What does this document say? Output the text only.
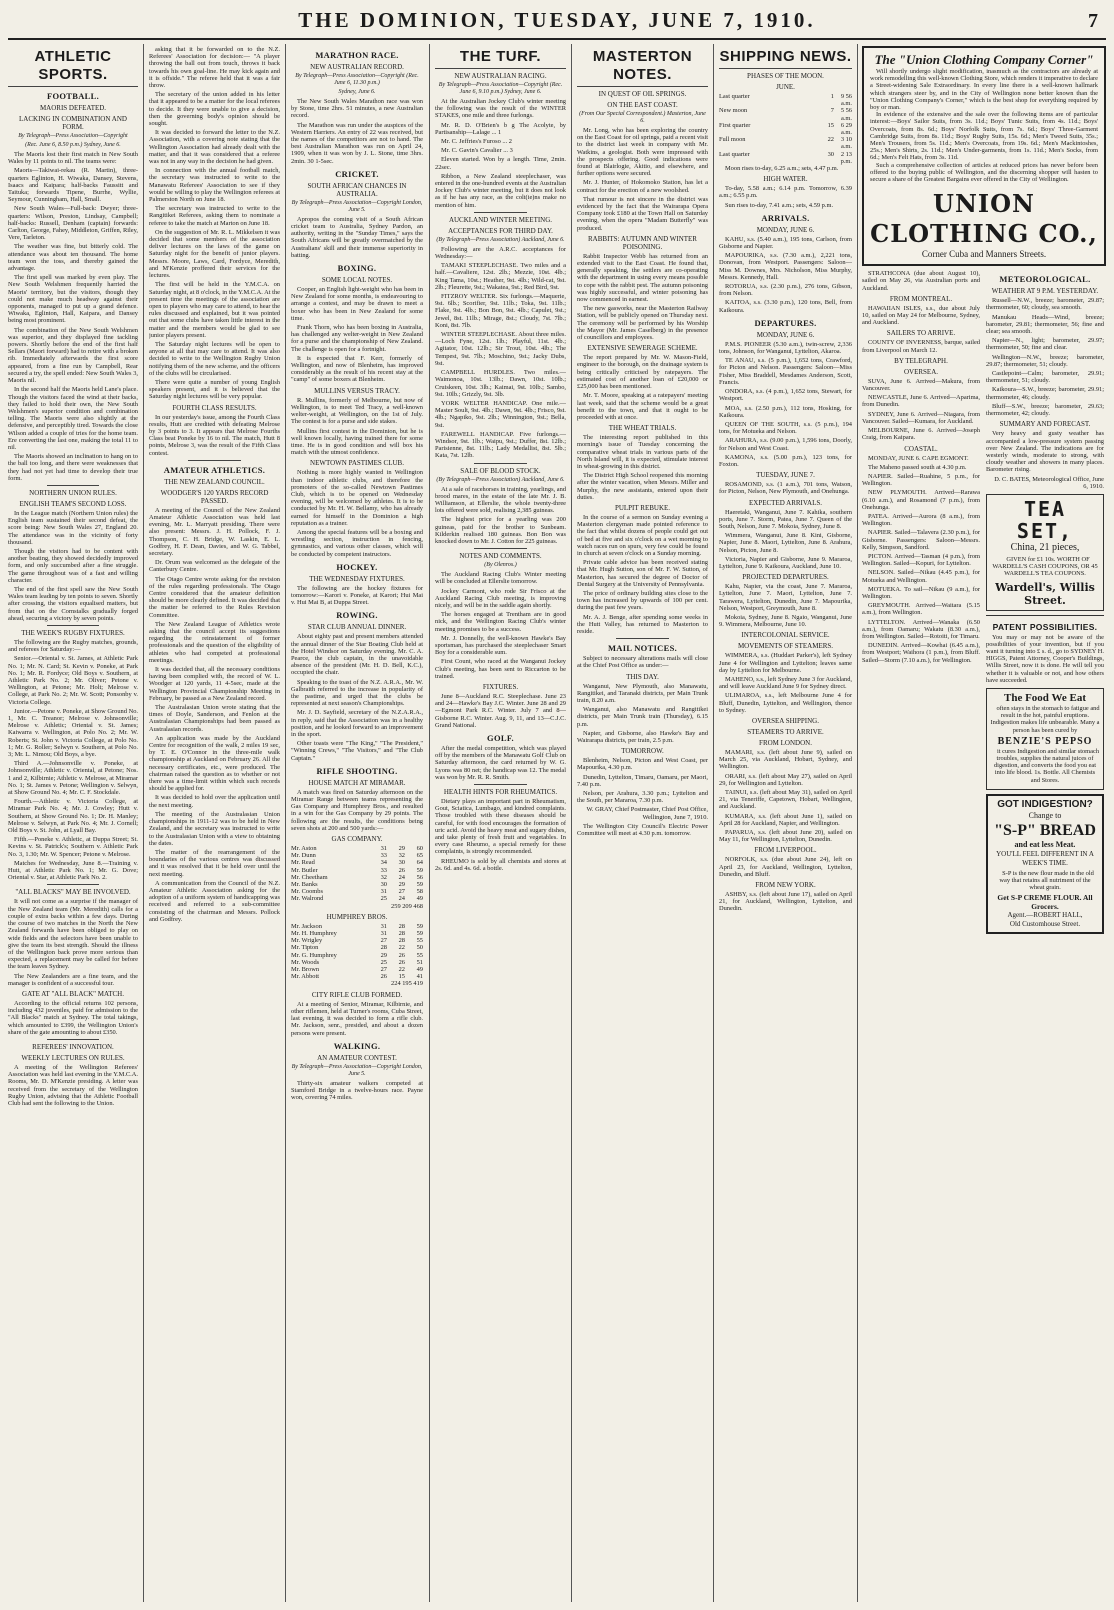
THE DOMINION, TUESDAY, JUNE 7, 1910.	7
ATHLETIC SPORTS.
FOOTBALL.
MAORIS DEFEATED.
LACKING IN COMBINATION AND FORM.
By Telegraph—Press Association—Copyright
(Rec. June 6, 8.50 p.m.) Sydney, June 6.

The Maoris lost their first match in New South Wales by 11 points to nil. The teams were:

Maoris—Takiwai-rekau (R. Martin), three-quarters Eglinton, H. Wiwaka, Dansey, Stevens, Isaacs and Kaipara; half-backs Faussitt and Taituka; forwards Tipene, Burrhe, Wyllie, Seymour, Cunningham, Hall, Small.

New South Wales—Full-back: Dwyer; three-quarters: Wilson, Preston, Lindsay, Campbell; half-backs: Russell, Denham (captain) forwards: Carlton, George, Fahey, Middleton, Griffen, Riley, Vere, Tarleton.

The weather was fine, but bitterly cold. The attendance was about ten thousand. The home team won the toss, and thereby gained the advantage.

The first spell was marked by even play. The New South Welshmen frequently harried the Maoris' territory, but the visitors, though they could not make much headway against their opponents, managed to put up a grand defence. Wiwaka, Eglinton, Hall, Kaipara, and Dansey being most prominent.

The combination of the New South Welshmen was superior, and they displayed fine tackling powers. Shortly before the end of the first half Sellars (Maori forward) had to retire with a broken rib. Immediately afterwards the first score appeared, from a fine run by Campbell, Rear secured a try, the spell ended: New South Wales 3, Maoris nil.

In the second half the Maoris held Lane's place. Though the visitors faced the wind at their backs, they failed to hold their own, the New South Welshmen's superior condition and combination telling. The Maoris were also slightly at the defensive, and perceptibly tired. Towards the close Wilson added a couple of tries for the home team. Ere converting the last one, making the total 11 to nil.

The Maoris showed an inclination to hang on to the ball too long, and there were weaknesses that they had not yet had time to develop their true form.

NORTHERN UNION RULES.
ENGLISH TEAM'S SECOND LOSS.

In the League match (Northern Union rules) the English team sustained their second defeat, the score being: New South Wales 27, England 20. The attendance was in the vicinity of forty thousand.

Though the visitors had to be content with another beating, they showed decidedly improved form, and only succumbed after a fine struggle. The game throughout was of a fast and willing character.

The end of the first spell saw the New South Wales team leading by ten points to seven. Shortly after crossing, the visitors equalised matters, but from that on the Cornstalks gradually forged ahead, securing a victory by seven points.

THE WEEK'S RUGBY FIXTURES.

The following are the Rugby matches, grounds, and referees for Saturday:—

Senior.—Oriental v. St. James, at Athletic Park No. 1; Mr. N. Card; St. Kevin v. Poneke, at Park No. 1; Mr. R. Fordyce; Old Boys v. Southern, at Athletic Park No. 2; Mr. Oliver; Petone v. Wellington, at Petone; Mr. Holt; Melrose v. College, at Park No. 2; Mr. W. Scott; Ponsonby v. Victoria College.

Junior.—Petone v. Poneke, at Show Ground No. 1, Mr. C. Treanor; Melrose v. Johnsonville; Melrose v. Athletic; Oriental v. St. James; Kaiwarra v. Wellington, at Polo No. 2; Mr. W. Roberts; St. John v. Victoria College, at Polo No. 1; Mr. G. Roller; Selwyn v. Southern, at Polo No. 3; Mr. L. Nimou; Old Boys, a bye.

Third A.—Johnsonville v. Poneke, at Johnsonville; Athletic v. Oriental, at Petone; Nos. 1 and 2, Kilbirnie; Athletic v. Melrose, at Miramar No. 1; St. James v. Petone; Wellington v. Selwyn, at Show Ground No. 4; Mr. C. F. Stockdale.

Fourth.—Athletic v. Victoria College, at Miramar Park No. 4; Mr. J. Cowley; Hutt v. Southern, at Show Ground No. 1; Dr. H. Manley; Melrose v. Selwyn, at Park No. 4; Mr. J. Cornell; Old Boys v. St. John, at Lyall Bay.

Fifth.—Poneke v. Athletic, at Duppa Street; St. Kevins v. St. Patrick's; Southern v. Athletic Park No. 3, 1.30; Mr. W. Spencer; Petone v. Melrose.

Matches for Wednesday, June 8.—Training v. Hutt, at Athletic Park No. 1; Mr. G. Dove; Oriental v. Star, at Athletic Park No. 2.

"ALL BLACKS" MAY BE INVOLVED.

It will not come as a surprise if the manager of the New Zealand team (Mr. Meredith) calls for a couple of extra backs within a few days. During the course of two matches in the North the New Zealand forwards have been obliged to play on wide fields and the selectors have been unable to give the team its best strength. Should the illness of the Wellington back prove more serious than expected, a replacement may be called for before the team leaves Sydney.

The New Zealanders are a fine team, and the manager is confident of a successful tour.

GATE AT "ALL BLACK" MATCH.

According to the official returns 102 persons, including 432 juveniles, paid for admission to the "All Blacks" match at Sydney. The total takings, which amounted to £399, the Wellington Union's share of the gate amounting to about £350.

REFEREES' INNOVATION.
WEEKLY LECTURES ON RULES.

A meeting of the Wellington Referees' Association was held last evening in the Y.M.C.A. Rooms, Mr. D. M'Kenzie presiding. A letter was received from the secretary of the Wellington Rugby Union, advising that the Athletic Football Club had sent the following to the Union.

asking that it be forwarded on to the N.Z. Referees' Association for decision:— "A player throwing the ball out from touch, throws it back towards his own goal-line. He may kick again and it is offside." The referee held that it was a fair throw.

The secretary of the union added in his letter that it appeared to be a matter for the local referees to decide. It they were unable to give a decision, then the governing body's opinion should be sought.

It was decided to forward the letter to the N.Z. Association, with a covering note stating that the Wellington Association had already dealt with the matter, and that it was considered that a referee was not in any way in the decision he had given.

In connection with the annual football match, the secretary was instructed to write to the Manawatu Referees' Association to see if they would be willing to play the Wellington referees at Palmerston North on June 18.

The secretary was instructed to write to the Rangitikei Referees, asking them to nominate a referee to take the match at Marton on June 18.

On the suggestion of Mr. R. L. Mikkelsen it was decided that some members of the association deliver lectures on the laws of the game on Saturday night for the benefit of junior players. Messrs. Moore, Laws, Card, Fordyce, Meredith, and M'Kenzie proffered their services for the lectures.

The first will be held in the Y.M.C.A. on Saturday night, at 8 o'clock, in the Y.M.C.A. At the present time the meetings of the association are open to players who may care to attend, to hear the rules discussed and explained, but it was pointed out that some clubs have taken little interest in the matter and the members would be glad to see junior players present.

The Saturday night lectures will be open to anyone at all that may care to attend. It was also decided to write to the Wellington Rugby Union notifying them of the new scheme, and the officers of the clubs will be circularised.

There were quite a number of young English speakers present, and it is believed that the Saturday night lectures will be very popular.

FOURTH CLASS RESULTS.

In our yesterday's issue, among the Fourth Class results, Hutt are credited with defeating Melrose by 3 points to 3. It appears that Melrose Fourths Class beat Poneke by 16 to nil. The match, Hutt 8 points, Melrose 3, was the result of the Fifth Class contest.

AMATEUR ATHLETICS.
THE NEW ZEALAND COUNCIL.
WOODGER'S 120 YARDS RECORD PASSED.

A meeting of the Council of the New Zealand Amateur Athletic Association was held last evening, Mr. L. Marryatt presiding. There were also present: Messrs. J. H. Pollock, F. J. Thompson, C. H. Bridge, W. Laskin, E. L. Godfrey, H. F. Dean, Davies, and W. G. Tabbel, secretary.

Dr. Orum was welcomed as the delegate of the Canterbury Centre.

The Otago Centre wrote asking for the revision of the rules regarding professionals. The Otago Centre considered that the amateur definition should be more clearly defined. It was decided that the matter be referred to the Rules Revision Committee.

The New Zealand League of Athletics wrote asking that the council accept its suggestions regarding the reinstatement of former professionals and the question of the eligibility of athletes who had competed at professional meetings.

It was decided that, all the necessary conditions having been complied with, the record of W. L. Woodger at 120 yards, 11 4-5sec, made at the Wellington Provincial Championship Meeting in February, be passed as a New Zealand record.

The Australasian Union wrote stating that the times of Doyle, Sanderson, and Fenlon at the Australasian Championships had been passed as Australasian records.

An application was made by the Auckland Centre for recognition of the walk, 2 miles 19 sec, by T. E. O'Connor in the three-mile walk championship at Auckland on February 26. All the necessary certificates, etc., were produced. The chairman raised the question as to whether or not there was a time-limit within which such records should be applied for.

It was decided to hold over the application until the next meeting.

The meeting of the Australasian Union championships in 1911-12 was to be held in New Zealand, and the secretary was instructed to write to the Australasian Union with a view to obtaining the dates.

The matter of the rearrangement of the boundaries of the various centres was discussed and it was resolved that it be held over until the next meeting.

A communication from the Council of the N.Z. Amateur Athletic Association asking for the adoption of a uniform system of handicapping was received and referred to a sub-committee consisting of the chairman and Messrs. Pollock and Godfrey.

MARATHON RACE.
NEW AUSTRALIAN RECORD.
By Telegraph—Press Association—Copyright (Rec. June 6, 11.30 p.m.)
Sydney, June 6.

The New South Wales Marathon race was won by Stone, time 2hrs. 51 minutes, a new Australian record.

The Marathon was run under the auspices of the Western Harriers. An entry of 22 was received, but the names of the competitors are not to hand. The best Australian Marathon was run on April 24, 1909, when it was won by J. L. Stone, time 3hrs. 2min. 30 1-5sec.

CRICKET.
SOUTH AFRICAN CHANCES IN AUSTRALIA.
By Telegraph—Press Association—Copyright London, June 5.

Apropos the coming visit of a South African cricket team to Australia, Sydney Pardon, an authority, writing in the "Sunday Times," says the South Africans will be greatly overmatched by the Australians' skill and their immense superiority in batting.

BOXING.
SOME LOCAL NOTES.

Cooper, an English light-weight who has been in New Zealand for some months, is endeavouring to arrange a contest, and may be drawn to meet a boxer who has been in New Zealand for some time.

Frank Thorn, who has been boxing in Australia, has challenged any welter-weight in New Zealand for a purse and the championship of New Zealand. The challenge is open for a fortnight.

It is expected that F. Kerr, formerly of Wellington, and now of Blenheim, has improved considerably as the result of his recent stay at the "camp" of some boxers at Blenheim.

MULLINS VERSUS TRACY.

R. Mullins, formerly of Melbourne, but now of Wellington, is to meet Ted Tracy, a well-known welter-weight, at Wellington, on the 1st of July. The contest is for a purse and side stakes.

Mullins first contest in the Dominion, but he is well known locally, having trained there for some time. He is in good condition and will box his match with the utmost confidence.

NEWTOWN PASTIMES CLUB.

Nothing is more highly wanted in Wellington than indoor athletic clubs, and therefore the promoters of the so-called Newtown Pastimes Club, which is to be opened on Wednesday evening, will be welcomed by athletes. It is to be conducted by Mr. H. W. Bellamy, who has already earned for himself in the Dominion a high reputation as a trainer.

Among the special features will be a boxing and wrestling section, instruction in fencing, gymnastics, and various other classes, which will be conducted by competent instructors.

HOCKEY.
THE WEDNESDAY FIXTURES.

The following are the hockey fixtures for tomorrow:—Karori v. Poneke, at Karori; Hui Mai v. Hui Mai B, at Duppa Street.

ROWING.
STAR CLUB ANNUAL DINNER.

About eighty past and present members attended the annual dinner of the Star Boating Club held at the Hotel Windsor on Saturday evening. Mr. C. A. Pearce, the club captain, in the unavoidable absence of the president (Mr. H. D. Bell, K.C.), occupied the chair.

Speaking to the toast of the N.Z. A.R.A., Mr. W. Galbraith referred to the increase in popularity of the pastime, and urged that the clubs be represented at next season's Championships.

Mr. J. D. Sayfield, secretary of the N.Z.A.R.A., in reply, said that the Association was in a healthy position, and he looked forward to an improvement in the sport.

Other toasts were "The King," "The President," "Winning Crews," "The Visitors," and "The Club Captain."

RIFLE SHOOTING.
HOUSE MATCH AT MIRAMAR.

A match was fired on Saturday afternoon on the Miramar Range between teams representing the Gas Company and Humphrey Bros., and resulted in a win for the Gas Company by 29 points. The following are the results, the conditions being seven shots at 200 and 500 yards:—

GAS COMPANY.
Mr. Aston	31	29	60
Mr. Dunn	33	32	65
Mr. Read	34	30	64
Mr. Butler	33	26	59
Mr. Cheetham	32	24	56
Mr. Banks	30	29	59
Mr. Coombs	31	27	58
Mr. Walrond	25	24	49
259 209 468
HUMPHREY BROS.
Mr. Jackson	31	28	59
Mr. H. Humphrey	31	28	59
Mr. Wrigley	27	28	55
Mr. Tipton	28	22	50
Mr. G. Humphrey	29	26	55
Mr. Woods	25	26	51
Mr. Brown	27	22	49
Mr. Abbott	26	15	41
224 195 419
CITY RIFLE CLUB FORMED.

At a meeting of Senior, Miramar, Kilbirnie, and other riflemen, held at Turner's rooms, Cuba Street, last evening, it was decided to form a rifle club. Mr. Jackson, senr., presided, and about a dozen persons were present.

WALKING.
AN AMATEUR CONTEST.
By Telegraph—Press Association—Copyright London, June 5.

Thirty-six amateur walkers competed at Stamford Bridge in a twelve-hours race. Payne won, covering 74 miles.

THE TURF.
NEW AUSTRALIAN RACING.
By Telegraph—Press Association—Copyright (Rec. June 6, 9.10 p.m.) Sydney, June 6.

At the Australian Jockey Club's winter meeting the following was the result of the WINTER STAKES, one mile and three furlongs.

Mr. R. D. O'Brien's b g The Acolyte, by Partisanship—Lalage ... 1

Mr. C. Jeffries's Furoso ... 2

Mr. C. Gavin's Cavalier ... 3

Eleven started. Won by a length. Time, 2min. 22sec.

Ribbon, a New Zealand steeplechaser, was entered in the one-hundred events at the Australian Jockey Club's winter meeting, but it does not look as if he has any race, as the colt(ie)ns make no mention of him.

AUCKLAND WINTER MEETING.
ACCEPTANCES FOR THIRD DAY.
(By Telegraph—Press Association) Auckland, June 6.

Following are the A.R.C. acceptances for Wednesday:—

TAMAKI STEEPLECHASE. Two miles and a half.—Cavaliere, 12st. 2lb.; Mezzie, 10st. 4lb.; King Tama, 10st.; Heather, 9st. 4lb.; Wild-cat, 9st. 2lb.; Fleurette, 9st.; Wakatea, 9st.; Red Bird, 9st.

FITZROY WELTER. Six furlongs.—Maquerie, 9st. 6lb.; Scorifier, 9st. 11lb.; Toka, 9st. 11lb.; Flake, 9st. 4lb.; Bon Bon, 9st. 4lb.; Capulet, 9st.; Jewel, 8st. 11lb.; Mirage, 8st.; Cloudy, 7st. 7lb.; Koni, 8st. 7lb.

WINTER STEEPLECHASE. About three miles.—Loch Fyne, 12st. 1lb.; Playful, 11st. 4lb.; Agitator, 10st. 12lb.; Sir Trout, 10st. 4lb.; The Tempest, 9st. 7lb.; Moschino, 9st.; Jacky Dubs, 9st.

CAMPBELL HURDLES. Two miles.—Waimonoa, 10st. 13lb.; Dawn, 10st. 10lb.; Cruiskeen, 10st. 3lb.; Kaimai, 9st. 10lb.; Sambo, 9st. 10lb.; Grizzly, 9st. 3lb.

YORK WELTER HANDICAP. One mile.—Master Soult, 9st. 4lb.; Dawn, 9st. 4lb.; Frisco, 9st. 4lb.; Ngapiko, 9st. 2lb.; Winnington, 9st.; Bella, 9st.

FAREWELL HANDICAP. Five furlongs.—Windsor, 9st. 1lb.; Waipu, 9st.; Duffer, 8st. 12lb.; Parisienne, 8st. 11lb.; Lady Medallist, 8st. 5lb.; Kata, 7st. 12lb.

SALE OF BLOOD STOCK.
(By Telegraph—Press Association) Auckland, June 6.

At a sale of racehorses in training, yearlings, and brood mares, in the estate of the late Mr. J. B. Williamson, at Ellerslie, the whole twenty-three lots offered were sold, realising 2,385 guineas.

The highest price for a yearling was 200 guineas, paid for the brother to Sunbeam. Kilderkin realised 180 guineas. Bon Bon was knocked down to Mr. J. Cotton for 225 guineas.

NOTES AND COMMENTS.
(By Olenros.)

The Auckland Racing Club's Winter meeting will be concluded at Ellerslie tomorrow.

Jockey Carmont, who rode Sir Frisco at the Auckland Racing Club meeting, is improving nicely, and will be in the saddle again shortly.

The horses engaged at Trentham are in good nick, and the Wellington Racing Club's winter meeting promises to be a success.

Mr. J. Donnelly, the well-known Hawke's Bay sportsman, has purchased the steeplechaser Smart Boy for a considerable sum.

First Count, who raced at the Wanganui Jockey Club's meeting, has been sent to Riccarton to be trained.

FIXTURES.

June 8—Auckland R.C. Steeplechase. June 23 and 24—Hawke's Bay J.C. Winter. June 28 and 29—Egmont Park R.C. Winter. July 7 and 8—Gisborne R.C. Winter. Aug. 9, 11, and 13—C.J.C. Grand National.

GOLF.

After the medal competition, which was played off by the members of the Manawatu Golf Club on Saturday afternoon, the card returned by W. G. Lyons was 80 net; the handicap was 12. The medal was won by Mr. R. R. Smith.

HEALTH HINTS FOR RHEUMATICS.

Dietary plays an important part in Rheumatism, Gout, Sciatica, Lumbago, and kindred complaints. Those troubled with these diseases should be careful, for with food encourages the formation of uric acid. Avoid the heavy meat and sugary dishes, and take plenty of fresh fruit and vegetables. In every case Rheumo, a special remedy for these complaints, is strongly recommended.

RHEUMO is sold by all chemists and stores at 2s. 6d. and 4s. 6d. a bottle.

MASTERTON NOTES.
IN QUEST OF OIL SPRINGS.
ON THE EAST COAST.
(From Our Special Correspondent.) Masterton, June 6.

Mr. Long, who has been exploring the country on the East Coast for oil springs, paid a recent visit to the district last week in company with Mr. Watkins, a geologist. Both were impressed with the prospects offering. Good indications were found at Blairlogie, Akitio, and elsewhere, and further options were secured.

Mr. J. Hunter, of Hokomoko Station, has let a contract for the erection of a new woolshed.

That rumour is not sincere in the district was evidenced by the fact that the Wairarapa Opera Company took £180 at the Town Hall on Saturday evening, when the opera "Madam Butterfly" was produced.

RABBITS: AUTUMN AND WINTER POISONING.

Rabbit Inspector Webb has returned from an extended visit to the East Coast. He found that, generally speaking, the settlers are co-operating with the department in using every means possible to cope with the rabbit pest. The autumn poisoning was highly successful, and winter poisoning has now commenced in earnest.

The new gasworks, near the Masterton Railway Station, will be publicly opened on Thursday next. The ceremony will be performed by his Worship the Mayor (Mr. James Caselberg) in the presence of councillors and employees.

EXTENSIVE SEWERAGE SCHEME.

The report prepared by Mr. W. Mason-Field, engineer to the borough, on the drainage system is being critically criticised by ratepayers. The estimated cost of another loan of £20,000 or £25,000 has been mentioned.

Mr. T. Moore, speaking at a ratepayers' meeting last week, said that the scheme would be a great benefit to the town, and that it ought to be proceeded with at once.

THE WHEAT TRIALS.

The interesting report published in this morning's issue of Tuesday concerning the comparative wheat trials in various parts of the North Island will, it is expected, stimulate interest in wheat-growing in this district.

The District High School reopened this morning after the winter vacation, when Messrs. Miller and Murphy, the new assistants, entered upon their duties.

PULPIT REBUKE.

In the course of a sermon on Sunday evening a Masterton clergyman made pointed reference to the fact that whilst dozens of people could get out of bed at five and six o'clock on a wet morning to watch races run on spurs, very few could be found in church at seven o'clock on a Sunday morning.

Private cable advice has been received stating that Mr. Hugh Sutton, son of Mr. F. W. Sutton, of Masterton, has secured the degree of Doctor of Dental Surgery at the University of Pennsylvania.

The price of ordinary building sites close to the town has increased by upwards of 100 per cent. during the past few years.

Mr. A. J. Benge, after spending some weeks in the Hutt Valley, has returned to Masterton to reside.

MAIL NOTICES.

Subject to necessary alterations mails will close at the Chief Post Office as under:—

THIS DAY.

Wanganui, New Plymouth, also Manawatu, Rangitikei, and Taranaki districts, per Main Trunk train, 8.20 a.m.

Wanganui, also Manawatu and Rangitikei districts, per Main Trunk train (Thursday), 6.15 p.m.

Napier, and Gisborne, also Hawke's Bay and Wairarapa districts, per train, 2.5 p.m.

TOMORROW.

Blenheim, Nelson, Picton and West Coast, per Mapourika, 4.30 p.m.

Dunedin, Lyttelton, Timaru, Oamaru, per Maori, 7.40 p.m.

Nelson, per Arahura, 3.30 p.m.; Lyttelton and the South, per Mararoa, 7.30 p.m.

W. GRAY, Chief Postmaster, Chief Post Office, Wellington, June 7, 1910.

The Wellington City Council's Electric Power Committee will meet at 4.30 p.m. tomorrow.

SHIPPING NEWS.
PHASES OF THE MOON.
JUNE.
Last quarter	1	9 56 a.m.
New moon	7	5 56 a.m.
First quarter	15	6 29 a.m.
Full moon	22	3 10 a.m.
Last quarter	30	2 13 p.m.

Moon rises to-day, 6.25 a.m.; sets, 4.47 p.m.

HIGH WATER.

To-day, 5.58 a.m.; 6.14 p.m. Tomorrow, 6.39 a.m.; 6.55 p.m.

Sun rises to-day, 7.41 a.m.; sets, 4.59 p.m.

ARRIVALS.
MONDAY, JUNE 6.

KAHU, s.s. (5.40 a.m.), 195 tons, Carlson, from Gisborne and Napier.

MAPOURIKA, s.s. (7.30 a.m.), 2,221 tons, Donovan, from Westport. Passengers: Saloon—Miss M. Downes, Mrs. Nicholson, Miss Murphy, Messrs. Kennedy, Hall.

ROTORUA, s.s. (2.30 p.m.), 276 tons, Gibson, from Nelson.

KAITOA, s.s. (3.30 p.m.), 120 tons, Bell, from Kaikoura.

DEPARTURES.
MONDAY, JUNE 6.

P.M.S. PIONEER (5.30 a.m.), twin-screw, 2,336 tons, Johnson, for Wanganui, Lyttelton, Akaroa.

TE ANAU, s.s. (5 p.m.), 1,652 tons, Crawford, for Picton and Nelson. Passengers: Saloon—Miss Fisher, Miss Braddell, Mesdames Anderson, Scott, Francis.

ONDORA, s.s. (4 p.m.), 1,652 tons, Stewart, for Westport.

MOA, s.s. (2.50 p.m.), 112 tons, Hosking, for Kaikoura.

QUEEN OF THE SOUTH, s.s. (5 p.m.), 194 tons, for Motueka and Nelson.

ARAHURA, s.s. (9.00 p.m.), 1,596 tons, Doorly, for Nelson and West Coast.

KAMONA, s.s. (5.00 p.m.), 123 tons, for Foxton.

TUESDAY, JUNE 7.

ROSAMOND, s.s. (1 a.m.), 701 tons, Watson, for Picton, Nelson, New Plymouth, and Onehunga.

EXPECTED ARRIVALS.

Haeretaki, Wanganui, June 7. Kahika, southern ports, June 7. Storm, Patea, June 7. Queen of the South, Nelson, June 7. Mokoia, Sydney, June 8.

Wimmera, Wanganui, June 8. Kini, Gisborne, Napier, June 8. Maori, Lyttelton, June 8. Arahura, Nelson, Picton, June 8.

Victoria, Napier and Gisborne, June 9. Mararoa, Lyttelton, June 9. Kaikoura, Auckland, June 10.

PROJECTED DEPARTURES.

Kahu, Napier, via the coast, June 7. Mararoa, Lyttelton, June 7. Maori, Lyttelton, June 7. Tarawera, Lyttelton, Dunedin, June 7. Mapourika, Nelson, Westport, Greymouth, June 8.

Mokoia, Sydney, June 8. Ngaio, Wanganui, June 9. Wimmera, Melbourne, June 10.

INTERCOLONIAL SERVICE.
MOVEMENTS OF STEAMERS.

WIMMERA, s.s. (Huddart Parker's), left Sydney June 4 for Wellington and Lyttelton; leaves same day by Lyttelton for Melbourne.

MAHENO, s.s., left Sydney June 3 for Auckland, and will leave Auckland June 9 for Sydney direct.

ULIMAROA, s.s., left Melbourne June 4 for Bluff, Dunedin, Lyttelton, and Wellington, thence to Sydney.

OVERSEA SHIPPING.
STEAMERS TO ARRIVE.
FROM LONDON.

MAMARI, s.s. (left about June 9), sailed on March 25, via Auckland, Hobart, Sydney, and Wellington.

ORARI, s.s. (left about May 27), sailed on April 29, for Wellington and Lyttelton.

TAINUI, s.s. (left about May 31), sailed on April 21, via Teneriffe, Capetown, Hobart, Wellington, and Auckland.

KUMARA, s.s. (left about June 1), sailed on April 28 for Auckland, Napier, and Wellington.

PAPARUA, s.s. (left about June 20), sailed on May 11, for Wellington, Lyttelton, Dunedin.

FROM LIVERPOOL.

NORFOLK, s.s. (due about June 24), left on April 23, for Auckland, Wellington, Lyttelton, Dunedin, and Bluff.

FROM NEW YORK.

ASHBY, s.s. (left about June 17), sailed on April 21, for Auckland, Wellington, Lyttelton, and Dunedin.

The "Union Clothing Company Corner"

Will shortly undergo slight modification, inasmuch as the contractors are already at work remodelling this well-known Clothing Store, which renders it imperative to declare a Street-widening Sale Extraordinary. In every line there is a well-known hallmark which strangers steer by, and in the City of Wellington none better known than the "Union Clothing Company's Corner," which is the best shop for everything required by boy or man.

In evidence of the extensive and the sale over the following items are of particular interest:—Boys' Sailor Suits, from 3s. 11d.; Boys' Tunic Suits, from 4s. 11d.; Boys' Overcoats, from 8s. 6d.; Boys' Norfolk Suits, from 7s. 6d.; Boys' Three-Garment Cambridge Suits, from 8s. 11d.; Boys' Rugby Suits, 15s. 6d.; Men's Tweed Suits, 35s.; Men's Trousers, from 5s. 11d.; Men's Overcoats, from 19s. 6d.; Men's Mackintoshes, 25s.; Men's Shirts, 2s. 11d.; Men's Under-garments, from 1s. 11d.; Men's Socks, from 6d.; Men's Felt Hats, from 3s. 11d.

Such a comprehensive collection of articles at reduced prices has never before been offered to the buying public of Wellington, and the discerning shopper will hasten to secure a share of the Greatest Bargains ever offered in the City of Wellington.

UNION CLOTHING CO.,
Corner Cuba and Manners Streets.

STRATHCONA (due about August 10), sailed on May 26, via Australian ports and Auckland.

FROM MONTREAL.

HAWAIIAN ISLES, s.s., due about July 10, sailed on May 24 for Melbourne, Sydney, and Auckland.

SAILERS TO ARRIVE.

COUNTY OF INVERNESS, barque, sailed from Liverpool on March 12.

BY TELEGRAPH.
OVERSEA.

SUVA, June 6. Arrived—Makura, from Vancouver.

NEWCASTLE, June 6. Arrived—Aparima, from Dunedin.

SYDNEY, June 6. Arrived—Niagara, from Vancouver. Sailed—Kumara, for Auckland.

MELBOURNE, June 6. Arrived—Joseph Craig, from Kaipara.

COASTAL.

MONDAY, JUNE 6. CAPE EGMONT.

The Maheno passed south at 4.30 p.m.

NAPIER. Sailed—Ruahine, 5 p.m., for Wellington.

NEW PLYMOUTH. Arrived—Rarawa (6.10 a.m.), and Rosamond (7 p.m.), from Onehunga.

PATEA. Arrived—Aurora (8 a.m.), from Wellington.

NAPIER. Sailed—Talavera (2.30 p.m.), for Gisborne. Passengers: Saloon—Messrs. Kelly, Simpson, Sandford.

PICTON. Arrived—Tasman (4 p.m.), from Wellington. Sailed—Kopuri, for Lyttelton.

NELSON. Sailed—Nikau (4.45 p.m.), for Motueka and Wellington.

MOTUEKA. To sail—Nikau (9 a.m.), for Wellington.

GREYMOUTH. Arrived—Waitara (5.15 a.m.), from Wellington.

LYTTELTON. Arrived—Wanaka (6.50 a.m.), from Oamaru; Wakatu (8.30 a.m.), from Wellington. Sailed—Rotoiti, for Timaru.

DUNEDIN. Arrived—Kowhai (6.45 a.m.), from Westport; Waihora (1 p.m.), from Bluff. Sailed—Storm (7.10 a.m.), for Wellington.

METEOROLOGICAL.
WEATHER AT 9 P.M. YESTERDAY.

Russell—N.W., breeze; barometer, 29.87; thermometer, 60; cloudy, sea smooth.

Manukau Heads—Wind, breeze; barometer, 29.81; thermometer, 56; fine and clear; sea smooth.

Napier—N., light; barometer, 29.97; thermometer, 50; fine and clear.

Wellington—N.W., breeze; barometer, 29.87; thermometer, 51; cloudy.

Castlepoint—Calm; barometer, 29.91; thermometer, 51; cloudy.

Kaikoura—S.W., breeze; barometer, 29.91; thermometer, 46; cloudy.

Bluff—S.W., breeze; barometer, 29.63; thermometer, 42; cloudy.

SUMMARY AND FORECAST.

Very heavy and gusty weather has accompanied a low-pressure system passing over New Zealand. The indications are for westerly winds, moderate to strong, with cloudy weather and showers in many places. Barometer rising.

D. C. BATES, Meteorological Office, June 6, 1910.

TEA SET,
China, 21 pieces,

GIVEN for £1 10s. WORTH OF WARDELL'S CASH COUPONS, OR 45 WARDELL'S TEA COUPONS.

Wardell's, Willis Street.
PATENT POSSIBILITIES.

You may or may not be aware of the possibilities of your invention, but if you want it turning into £ s. d., go to SYDNEY H. HIGGS, Patent Attorney, Cooper's Buildings, Willis Street, now it is done. He will tell you whether it is valuable or not, and how others have succeeded.

The Food We Eat

often stays in the stomach to fatigue and result in the hot, painful eruptions. Indigestion makes life unbearable. Many a person has been cured by

BENZIE'S PEPSO

it cures Indigestion and similar stomach troubles, supplies the natural juices of digestion, and converts the food you eat into life blood. 1s. Bottle. All Chemists and Stores.

GOT INDIGESTION?
Change to
"S-P" BREAD
and eat less Meat.
YOU'LL FEEL DIFFERENT IN A WEEK'S TIME.

S-P is the new flour made in the old way that retains all nutriment of the wheat grain.

Get S-P CREME FLOUR. All Grocers.
Agent.—ROBERT HALL,
Old Customhouse Street.
